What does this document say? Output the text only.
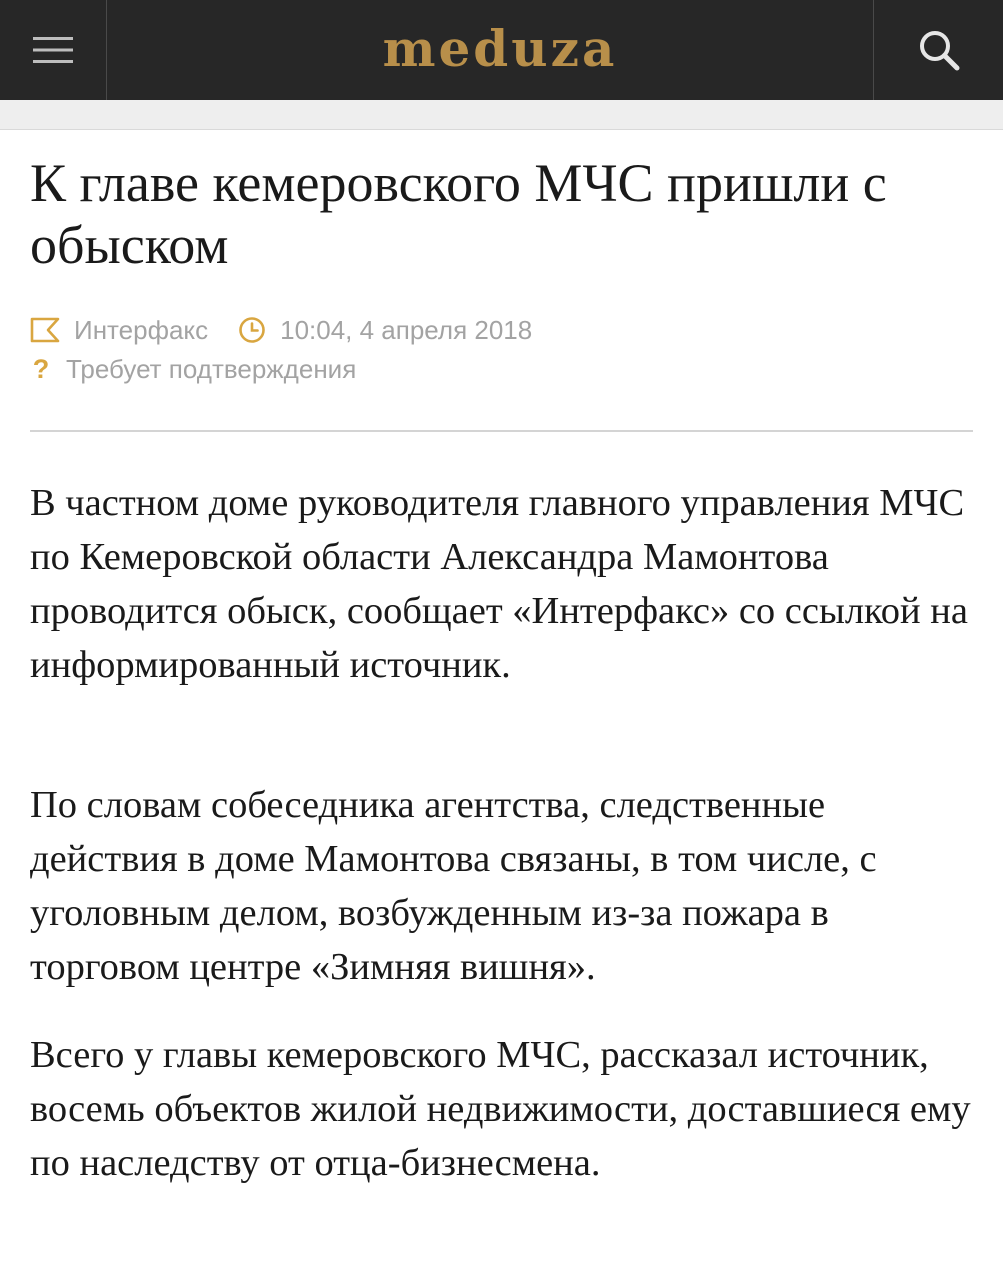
meduza
К главе кемеровского МЧС пришли с обыском
Интерфакс	10:04, 4 апреля 2018
? Требует подтверждения

В частном доме руководителя главного управления МЧС по Кемеровской области Александра Мамонтова проводится обыск, сообщает «Интерфакс» со ссылкой на информированный источник.

По словам собеседника агентства, следственные действия в доме Мамонтова связаны, в том числе, с уголовным делом, возбужденным из-за пожара в торговом центре «Зимняя вишня».

Всего у главы кемеровского МЧС, рассказал источник, восемь объектов жилой недвижимости, доставшиеся ему по наследству от отца-бизнесмена.
